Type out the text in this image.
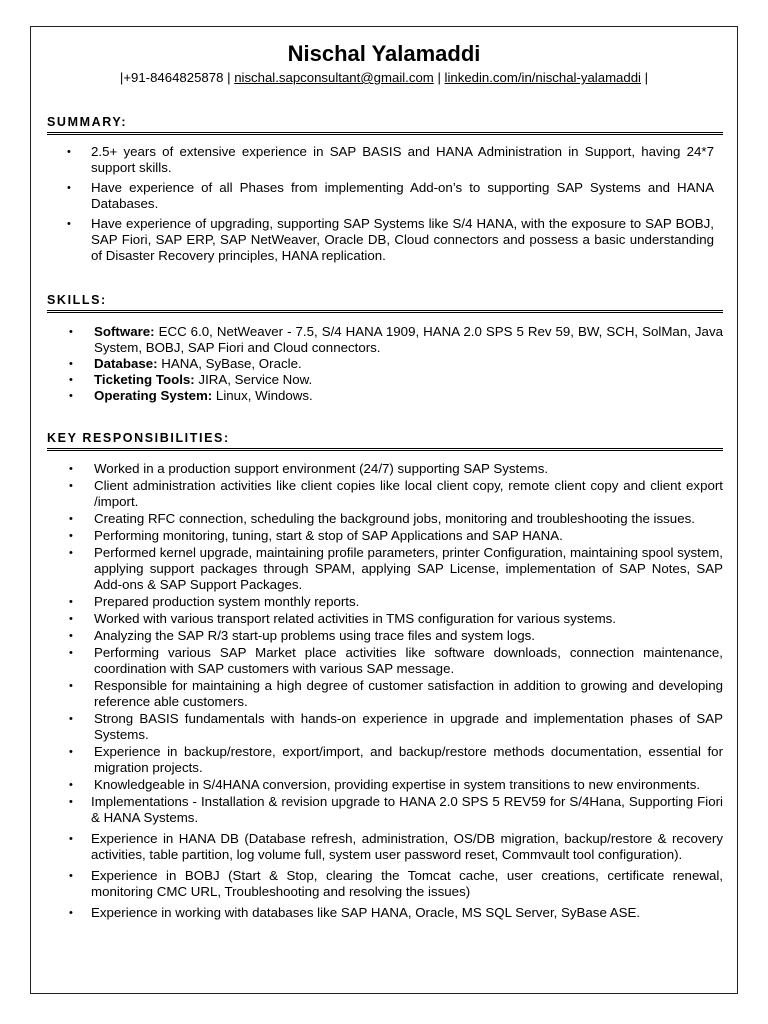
Nischal Yalamaddi
|+91-8464825878 | nischal.sapconsultant@gmail.com | linkedin.com/in/nischal-yalamaddi |
SUMMARY:
• 2.5+ years of extensive experience in SAP BASIS and HANA Administration in Support, having 24*7 support skills.
• Have experience of all Phases from implementing Add-on’s to supporting SAP Systems and HANA Databases.
• Have experience of upgrading, supporting SAP Systems like S/4 HANA, with the exposure to SAP BOBJ, SAP Fiori, SAP ERP, SAP NetWeaver, Oracle DB, Cloud connectors and possess a basic understanding of Disaster Recovery principles, HANA replication.
SKILLS:
• Software: ECC 6.0, NetWeaver - 7.5, S/4 HANA 1909, HANA 2.0 SPS 5 Rev 59, BW, SCH, SolMan, Java System, BOBJ, SAP Fiori and Cloud connectors.
• Database: HANA, SyBase, Oracle.
• Ticketing Tools: JIRA, Service Now.
• Operating System: Linux, Windows.
KEY RESPONSIBILITIES:
• Worked in a production support environment (24/7) supporting SAP Systems.
• Client administration activities like client copies like local client copy, remote client copy and client export /import.
• Creating RFC connection, scheduling the background jobs, monitoring and troubleshooting the issues.
• Performing monitoring, tuning, start & stop of SAP Applications and SAP HANA.
• Performed kernel upgrade, maintaining profile parameters, printer Configuration, maintaining spool system, applying support packages through SPAM, applying SAP License, implementation of SAP Notes, SAP Add-ons & SAP Support Packages.
• Prepared production system monthly reports.
• Worked with various transport related activities in TMS configuration for various systems.
• Analyzing the SAP R/3 start-up problems using trace files and system logs.
• Performing various SAP Market place activities like software downloads, connection maintenance, coordination with SAP customers with various SAP message.
• Responsible for maintaining a high degree of customer satisfaction in addition to growing and developing reference able customers.
• Strong BASIS fundamentals with hands-on experience in upgrade and implementation phases of SAP Systems.
• Experience in backup/restore, export/import, and backup/restore methods documentation, essential for migration projects.
• Knowledgeable in S/4HANA conversion, providing expertise in system transitions to new environments.
• Implementations - Installation & revision upgrade to HANA 2.0 SPS 5 REV59 for S/4Hana, Supporting Fiori & HANA Systems.
• Experience in HANA DB (Database refresh, administration, OS/DB migration, backup/restore & recovery activities, table partition, log volume full, system user password reset, Commvault tool configuration).
• Experience in BOBJ (Start & Stop, clearing the Tomcat cache, user creations, certificate renewal, monitoring CMC URL, Troubleshooting and resolving the issues)
• Experience in working with databases like SAP HANA, Oracle, MS SQL Server, SyBase ASE.
